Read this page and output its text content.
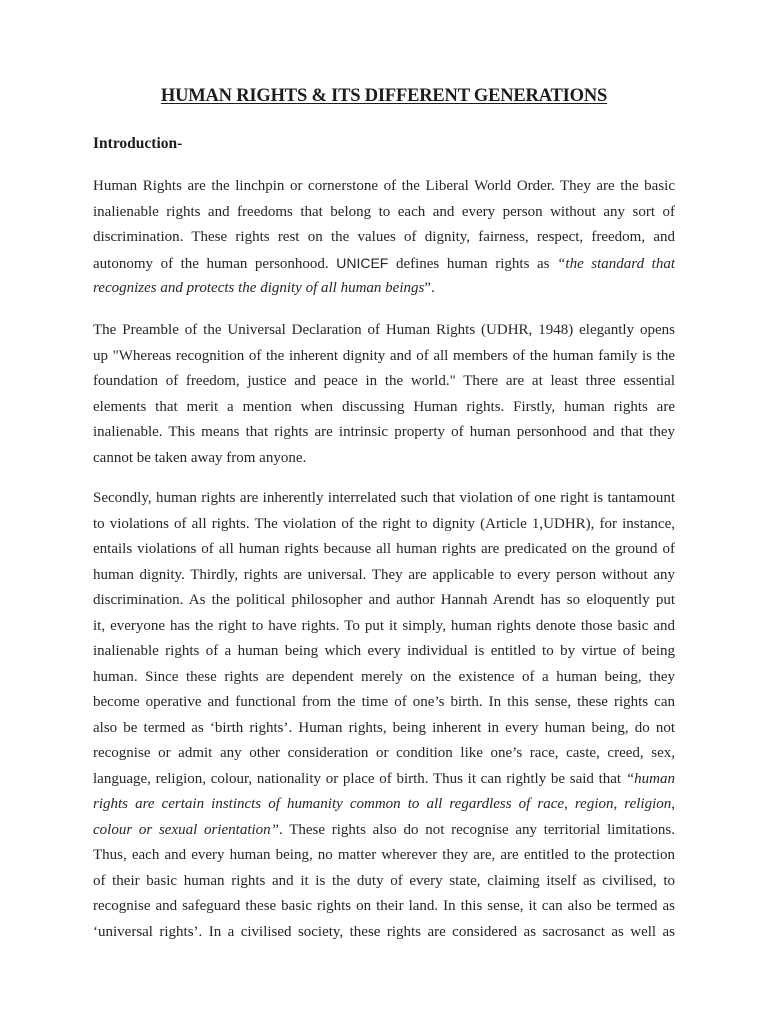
HUMAN RIGHTS & ITS DIFFERENT GENERATIONS
Introduction-
Human Rights are the linchpin or cornerstone of the Liberal World Order. They are the basic
inalienable rights and freedoms that belong to each and every person without any sort of
discrimination. These rights rest on the values of dignity, fairness, respect, freedom, and
autonomy of the human personhood. UNICEF defines human rights as “the standard that
recognizes and protects the dignity of all human beings”.
The Preamble of the Universal Declaration of Human Rights (UDHR, 1948) elegantly opens
up "Whereas recognition of the inherent dignity and of all members of the human family is the
foundation of freedom, justice and peace in the world." There are at least three essential
elements that merit a mention when discussing Human rights. Firstly, human rights are
inalienable. This means that rights are intrinsic property of human personhood and that they
cannot be taken away from anyone.
Secondly, human rights are inherently interrelated such that violation of one right is tantamount
to violations of all rights. The violation of the right to dignity (Article 1,UDHR), for instance,
entails violations of all human rights because all human rights are predicated on the ground of
human dignity. Thirdly, rights are universal. They are applicable to every person without any
discrimination. As the political philosopher and author Hannah Arendt has so eloquently put
it, everyone has the right to have rights. To put it simply, human rights denote those basic and
inalienable rights of a human being which every individual is entitled to by virtue of being
human. Since these rights are dependent merely on the existence of a human being, they
become operative and functional from the time of one’s birth. In this sense, these rights can
also be termed as ‘birth rights’. Human rights, being inherent in every human being, do not
recognise or admit any other consideration or condition like one’s race, caste, creed, sex,
language, religion, colour, nationality or place of birth. Thus it can rightly be said that “human
rights are certain instincts of humanity common to all regardless of race, region, religion,
colour or sexual orientation”. These rights also do not recognise any territorial limitations.
Thus, each and every human being, no matter wherever they are, are entitled to the protection
of their basic human rights and it is the duty of every state, claiming itself as civilised, to
recognise and safeguard these basic rights on their land. In this sense, it can also be termed as
‘universal rights’. In a civilised society, these rights are considered as sacrosanct as well as
